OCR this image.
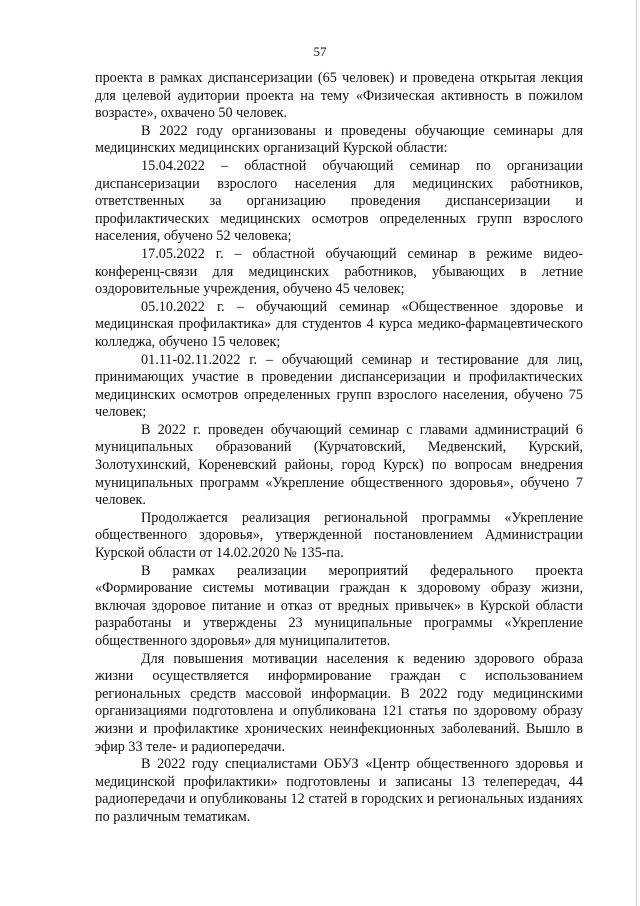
57

проекта в рамках диспансеризации (65 человек) и проведена открытая лекция для целевой аудитории проекта на тему «Физическая активность в пожилом возрасте», охвачено 50 человек.

В 2022 году организованы и проведены обучающие семинары для медицинских медицинских организаций Курской области:

15.04.2022 – областной обучающий семинар по организации диспансеризации взрослого населения для медицинских работников, ответственных за организацию проведения диспансеризации и профилактических медицинских осмотров определенных групп взрослого населения, обучено 52 человека;

17.05.2022 г. – областной обучающий семинар в режиме видео-конференц-связи для медицинских работников, убывающих в летние оздоровительные учреждения, обучено 45 человек;

05.10.2022 г. – обучающий семинар «Общественное здоровье и медицинская профилактика» для студентов 4 курса медико-фармацевтического колледжа, обучено 15 человек;

01.11-02.11.2022 г. – обучающий семинар и тестирование для лиц, принимающих участие в проведении диспансеризации и профилактических медицинских осмотров определенных групп взрослого населения, обучено 75 человек;

В 2022 г. проведен обучающий семинар с главами администраций 6 муниципальных образований (Курчатовский, Медвенский, Курский, Золотухинский, Кореневский районы, город Курск) по вопросам внедрения муниципальных программ «Укрепление общественного здоровья», обучено 7 человек.

Продолжается реализация региональной программы «Укрепление общественного здоровья», утвержденной постановлением Администрации Курской области от 14.02.2020 № 135-па.

В рамках реализации мероприятий федерального проекта «Формирование системы мотивации граждан к здоровому образу жизни, включая здоровое питание и отказ от вредных привычек» в Курской области разработаны и утверждены 23 муниципальные программы «Укрепление общественного здоровья» для муниципалитетов.

Для повышения мотивации населения к ведению здорового образа жизни осуществляется информирование граждан с использованием региональных средств массовой информации. В 2022 году медицинскими организациями подготовлена и опубликована 121 статья по здоровому образу жизни и профилактике хронических неинфекционных заболеваний. Вышло в эфир 33 теле- и радиопередачи.

В 2022 году специалистами ОБУЗ «Центр общественного здоровья и медицинской профилактики» подготовлены и записаны 13 телепередач, 44 радиопередачи и опубликованы 12 статей в городских и региональных изданиях по различным тематикам.
